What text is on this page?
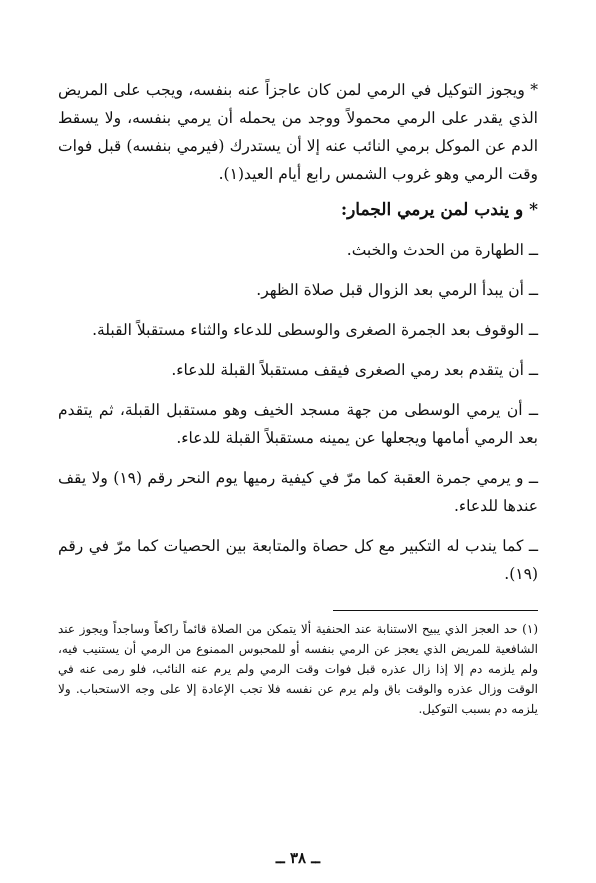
* ويجوز التوكيل في الرمي لمن كان عاجزاً عنه بنفسه، ويجب على المريض الذي يقدر على الرمي محمولاً ووجد من يحمله أن يرمي بنفسه، ولا يسقط الدم عن الموكل برمي النائب عنه إلا أن يستدرك (فيرمي بنفسه) قبل فوات وقت الرمي وهو غروب الشمس رابع أيام العيد(١).

* و يندب لمن يرمي الجمار:
ــ الطهارة من الحدث والخبث.
ــ أن يبدأ الرمي بعد الزوال قبل صلاة الظهر.
ــ الوقوف بعد الجمرة الصغرى والوسطى للدعاء والثناء مستقبلاً القبلة.
ــ أن يتقدم بعد رمي الصغرى فيقف مستقبلاً القبلة للدعاء.
ــ أن يرمي الوسطى من جهة مسجد الخيف وهو مستقبل القبلة، ثم يتقدم بعد الرمي أمامها ويجعلها عن يمينه مستقبلاً القبلة للدعاء.
ــ و يرمي جمرة العقبة كما مرّ في كيفية رميها يوم النحر رقم (١٩) ولا يقف عندها للدعاء.
ــ كما يندب له التكبير مع كل حصاة والمتابعة بين الحصيات كما مرّ في رقم (١٩).
(١) حد العجز الذي يبيح الاستنابة عند الحنفية ألا يتمكن من الصلاة قائماً راكعاً وساجداً ويجوز عند الشافعية للمريض الذي يعجز عن الرمي بنفسه أو للمحبوس الممنوع من الرمي أن يستنيب فيه، ولم يلزمه دم إلا إذا زال عذره قبل فوات وقت الرمي ولم يرم عنه النائب، فلو رمى عنه في الوقت وزال عذره والوقت باق ولم يرم عن نفسه فلا تجب الإعادة إلا على وجه الاستحباب. ولا يلزمه دم بسبب التوكيل.
ــ ٣٨ ــ
